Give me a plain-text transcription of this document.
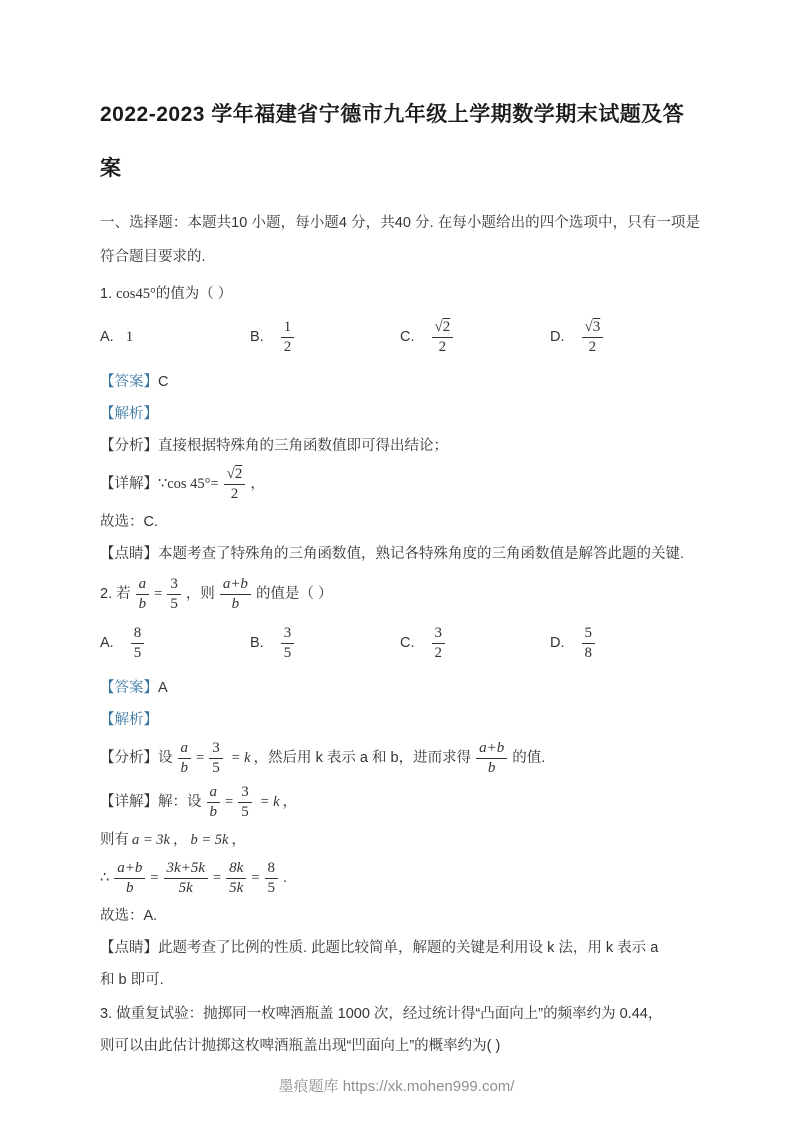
2022-2023 学年福建省宁德市九年级上学期数学期末试题及答案

一、选择题：本题共10 小题，每小题4 分，共40 分. 在每小题给出的四个选项中，只有一项是符合题目要求的.

1. cos45°的值为（ ）

A. 1	B. $\frac{1}{2}$	C. $\frac{√2}{2}$	D. $\frac{√3}{2}$

【答案】C

【解析】

【分析】直接根据特殊角的三角函数值即可得出结论；

【详解】 ∵cos $45^\circ= \frac{√2}{2}$ ，

故选：C.

【点睛】本题考查了特殊角的三角函数值，熟记各特殊角度的三角函数值是解答此题的关键.

2. 若 $\frac{a}{b} = \frac{3}{5}$ ，则 $\frac{a+b}{b}$ 的值是（ ）

A. $\frac{8}{5}$	B. $\frac{3}{5}$	C. $\frac{3}{2}$	D. $\frac{5}{8}$

【答案】A

【解析】

【分析】 设 $\frac{a}{b} = \frac{3}{5} = k$ ，然后用 k 表示 a 和 b，进而求得 $\frac{a+b}{b}$ 的值.

【详解】 解：设 $\frac{a}{b} = \frac{3}{5} = k$ ，

则有 a = 3k ， b = 5k ，

∴ $\frac{a+b}{b} = \frac{3k+5k}{5k} = \frac{8k}{5k} = \frac{8}{5}$ .

故选：A.

【点睛】此题考查了比例的性质. 此题比较简单，解题的关键是利用设 k 法，用 k 表示 a

和 b 即可.

3. 做重复试验：抛掷同一枚啤酒瓶盖 1000 次，经过统计得“凸面向上”的频率约为 0.44，

则可以由此估计抛掷这枚啤酒瓶盖出现“凹面向上”的概率约为( )

墨痕题库 https://xk.mohen999.com/
